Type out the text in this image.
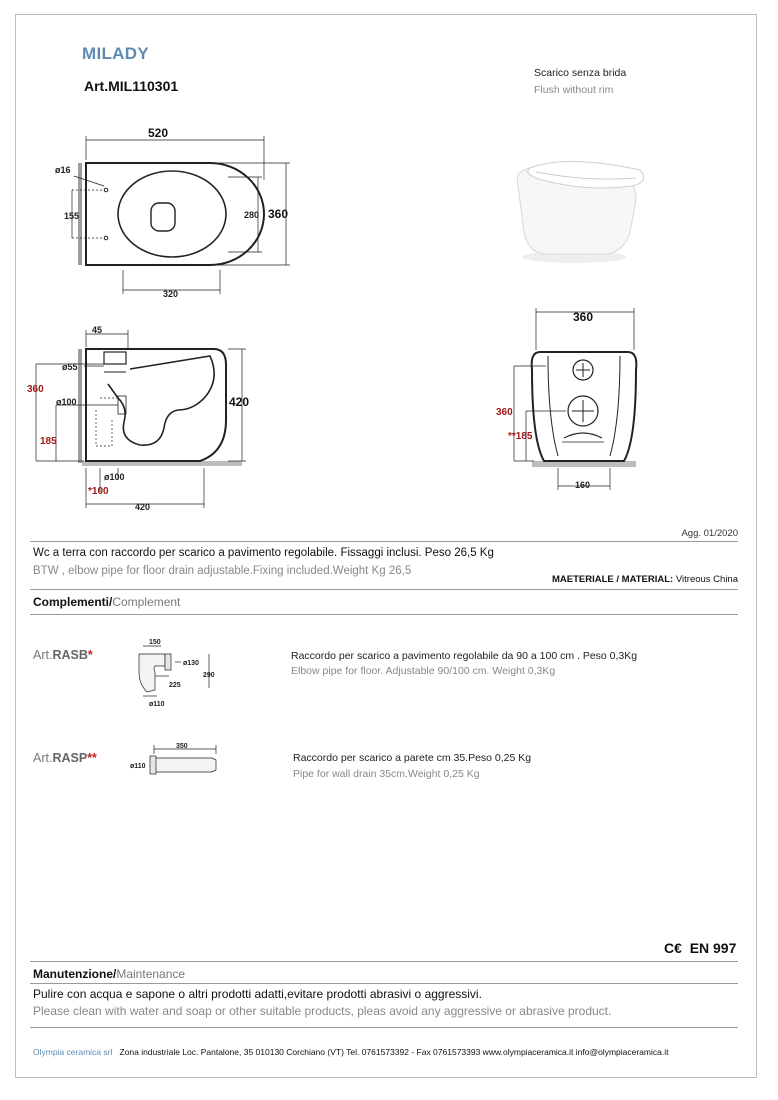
MILADY
Art.MIL110301
Scarico senza brida
Flush without rim
520
ø16
155	280 360
320
45
ø55
360
ø100
185
420
ø100
*100
420
360
360
**185
160
Agg. 01/2020
Wc a terra con raccordo per scarico a pavimento regolabile. Fissaggi inclusi. Peso 26,5 Kg
BTW , elbow pipe for floor drain adjustable.Fixing included.Weight Kg 26,5
MAETERIALE / MATERIAL: Vitreous China
Complementi/Complement
Art.RASB*
150
ø130
290
225
ø110
Raccordo per scarico a pavimento regolabile da 90 a 100 cm . Peso 0,3Kg
Elbow pipe for floor. Adjustable 90/100 cm. Weight 0,3Kg
Art.RASP**
350
ø110
Raccordo per scarico a parete cm 35.Peso 0,25 Kg
Pipe for wall drain 35cm.Weight 0,25 Kg
C€ EN 997
Manutenzione/Maintenance
Pulire con acqua e sapone o altri prodotti adatti,evitare prodotti abrasivi o aggressivi.
Please clean with water and soap or other suitable products, pleas avoid any aggressive or abrasive product.
Olympia ceramica srl Zona industriale Loc. Pantalone, 35 010130 Corchiano (VT) Tel. 0761573392 - Fax 0761573393 www.olympiaceramica.it info@olympiaceramica.it
